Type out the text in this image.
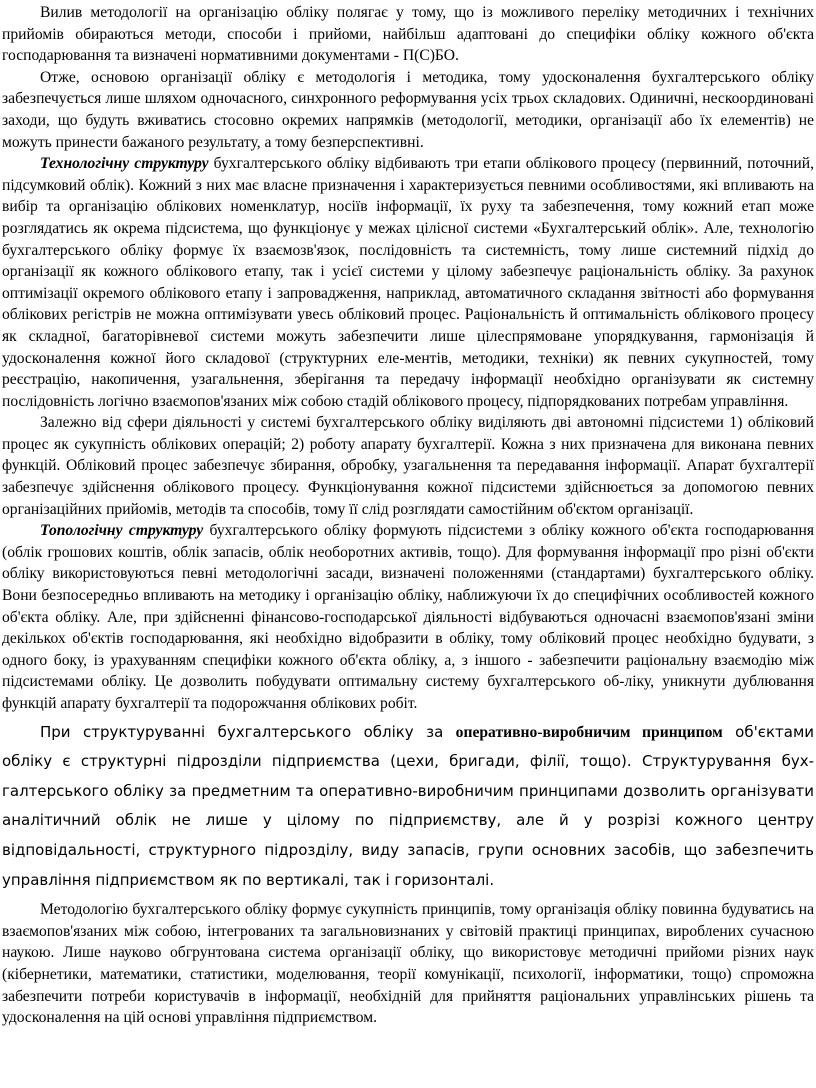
Вилив методології на організацію обліку полягає у тому, що із можливого переліку методичних і технічних прийомів обираються методи, способи і прийоми, найбільш адаптовані до специфіки обліку кожного об'єкта господарювання та визначені нормативними документами - П(С)БО.

Отже, основою організації обліку є методологія і методика, тому удосконалення бухгалтерського обліку забезпечується лише шляхом одночасного, синхронного реформування усіх трьох складових. Одиничні, нескоординовані заходи, що будуть вживатись стосовно окремих напрямків (методології, методики, організації або їх елементів) не можуть принести бажаного результату, а тому безперспективні.

Технологічну структуру бухгалтерського обліку відбивають три етапи облікового процесу (первинний, поточний, підсумковий облік). Кожний з них має власне призначення і характеризується певними особливостями, які впливають на вибір та організацію облікових номенклатур, носіїв інформації, їх руху та забезпечення, тому кожний етап може розглядатись як окрема підсистема, що функціонує у межах цілісної системи «Бухгалтерський облік». Але, технологію бухгалтерського обліку формує їх взаємозв'язок, послідовність та системність, тому лише системний підхід до організації як кожного облікового етапу, так і усієї системи у цілому забезпечує раціональність обліку. За рахунок оптимізації окремого облікового етапу і запровадження, наприклад, автоматичного складання звітності або формування облікових регістрів не можна оптимізувати увесь обліковий процес. Раціональність й оптимальність облікового процесу як складної, багаторівневої системи можуть забезпечити лише цілеспрямоване упорядкування, гармонізація й удосконалення кожної його складової (структурних еле-ментів, методики, техніки) як певних сукупностей, тому реєстрацію, накопичення, узагальнення, зберігання та передачу інформації необхідно організувати як системну послідовність логічно взаємопов'язаних між собою стадій облікового процесу, підпорядкованих потребам управління.

Залежно від сфери діяльності у системі бухгалтерського обліку виділяють дві автономні підсистеми 1) обліковий процес як сукупність облікових операцій; 2) роботу апарату бухгалтерії. Кожна з них призначена для виконана певних функцій. Обліковий процес забезпечує збирання, обробку, узагальнення та передавання інформації. Апарат бухгалтерії забезпечує здійснення облікового процесу. Функціонування кожної підсистеми здійснюється за допомогою певних організаційних прийомів, методів та способів, тому її слід розглядати самостійним об'єктом організації.

Топологічну структуру бухгалтерського обліку формують підсистеми з обліку кожного об'єкта господарювання (облік грошових коштів, облік запасів, облік необоротних активів, тощо). Для формування інформації про різні об'єкти обліку використовуються певні методологічні засади, визначені положеннями (стандартами) бухгалтерського обліку. Вони безпосередньо впливають на методику і організацію обліку, наближуючи їх до специфічних особливостей кожного об'єкта обліку. Але, при здійсненні фінансово-господарської діяльності відбуваються одночасні взаємопов'язані зміни декількох об'єктів господарювання, які необхідно відобразити в обліку, тому обліковий процес необхідно будувати, з одного боку, із урахуванням специфіки кожного об'єкта обліку, а, з іншого - забезпечити раціональну взаємодію між підсистемами обліку. Це дозволить побудувати оптимальну систему бухгалтерського об-ліку, уникнути дублювання функцій апарату бухгалтерії та подорожчання облікових робіт.

При структуруванні бухгалтерського обліку за оперативно-виробничим принципом об'єктами обліку є структурні підрозділи підприємства (цехи, бригади, філії, тощо). Структурування бух-галтерського обліку за предметним та оперативно-виробничим принципами дозволить організувати аналітичний облік не лише у цілому по підприємству, але й у розрізі кожного центру відповідальності, структурного підрозділу, виду запасів, групи основних засобів, що забезпечить управління підприємством як по вертикалі, так і горизонталі.

Методологію бухгалтерського обліку формує сукупність принципів, тому організація обліку повинна будуватись на взаємопов'язаних між собою, інтегрованих та загальновизнаних у світовій практиці принципах, вироблених сучасною наукою. Лише науково обгрунтована система організації обліку, що використовує методичні прийоми різних наук (кібернетики, математики, статистики, моделювання, теорії комунікації, психології, інформатики, тощо) спроможна забезпечити потреби користувачів в інформації, необхідній для прийняття раціональних управлінських рішень та удосконалення на цій основі управління підприємством.
